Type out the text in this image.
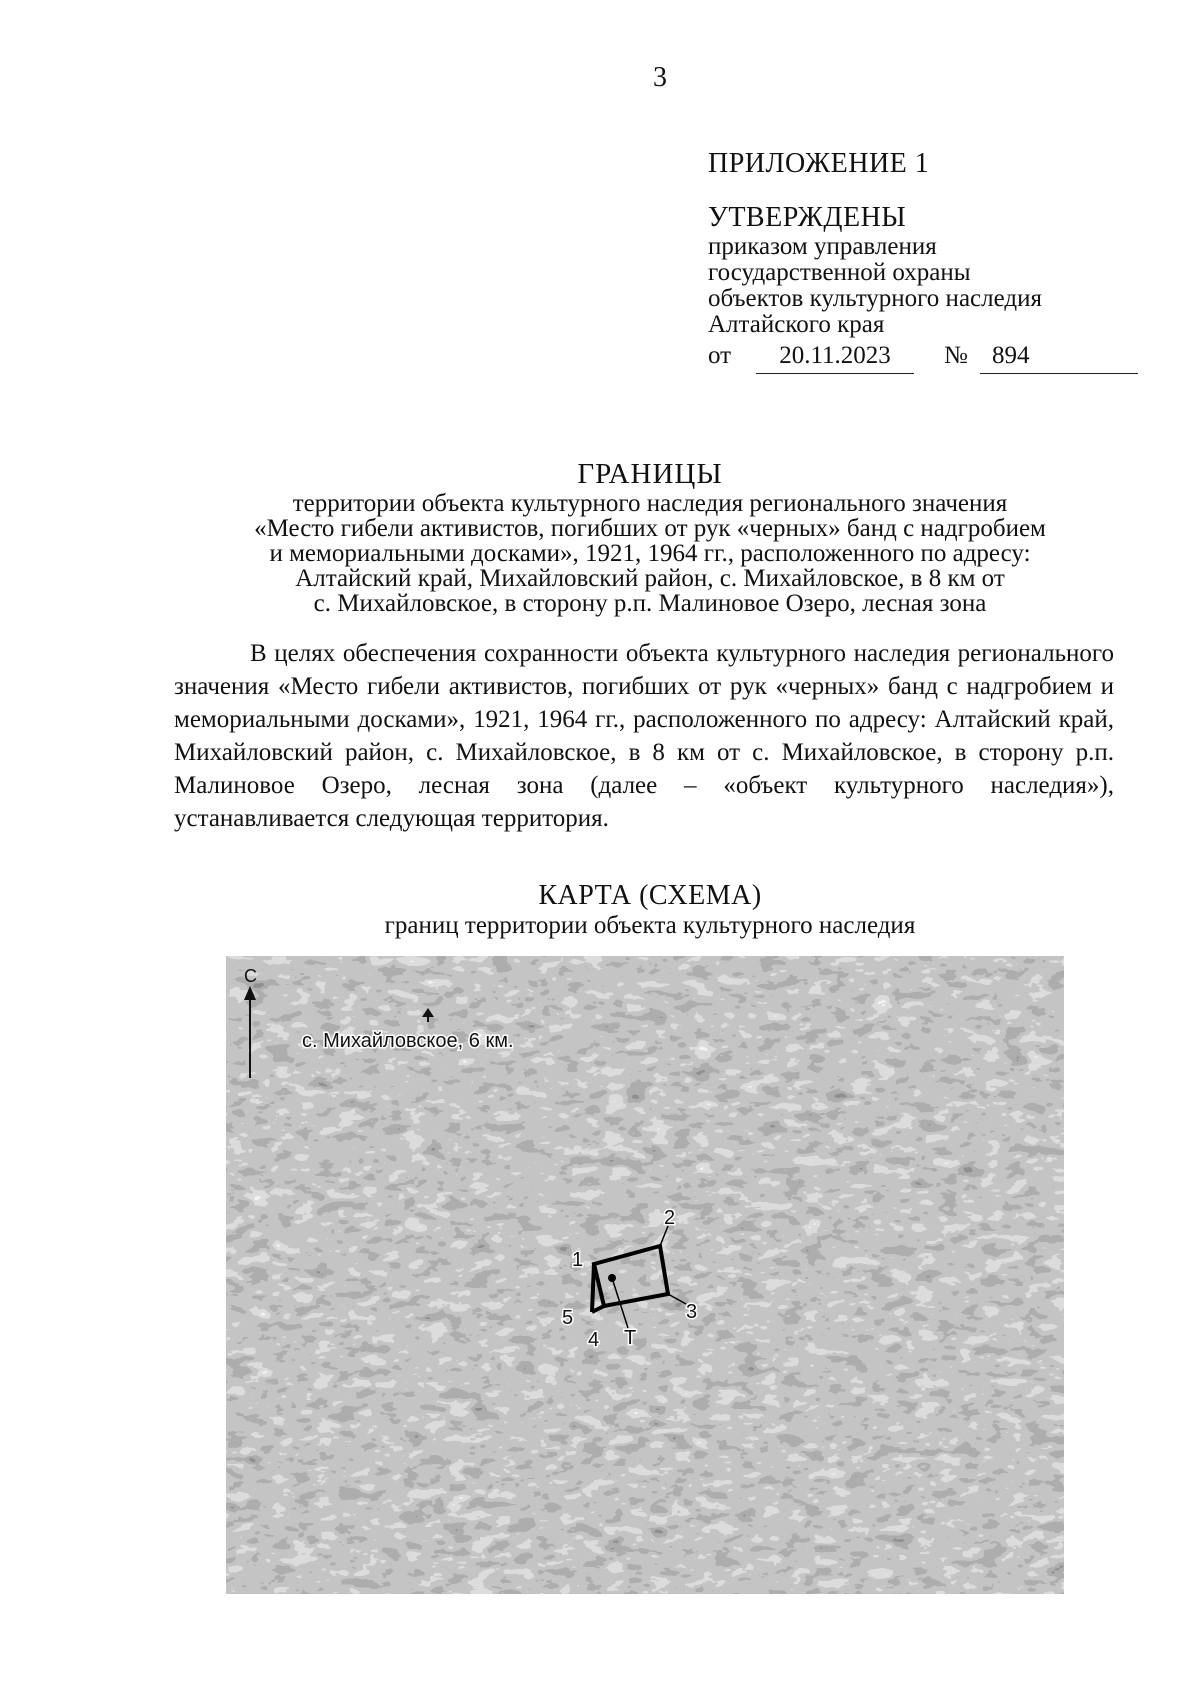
3
ПРИЛОЖЕНИЕ 1
УТВЕРЖДЕНЫ
приказом управления
государственной охраны
объектов культурного наследия
Алтайского края
от	20.11.2023	№ 894
ГРАНИЦЫ
территории объекта культурного наследия регионального значения
«Место гибели активистов, погибших от рук «черных» банд с надгробием
и мемориальными досками», 1921, 1964 гг., расположенного по адресу:
Алтайский край, Михайловский район, с. Михайловское, в 8 км от
с. Михайловское, в сторону р.п. Малиновое Озеро, лесная зона
В целях обеспечения сохранности объекта культурного наследия регионального значения «Место гибели активистов, погибших от рук «черных» банд с надгробием и мемориальными досками», 1921, 1964 гг., расположенного по адресу: Алтайский край, Михайловский район, с. Михайловское, в 8 км от с. Михайловское, в сторону р.п. Малиновое Озеро, лесная зона (далее – «объект культурного наследия»), устанавливается следующая территория.
КАРТА (СХЕМА)
границ территории объекта культурного наследия
С
с. Михайловское, 6 км.
1
2
3
4
5
Т
